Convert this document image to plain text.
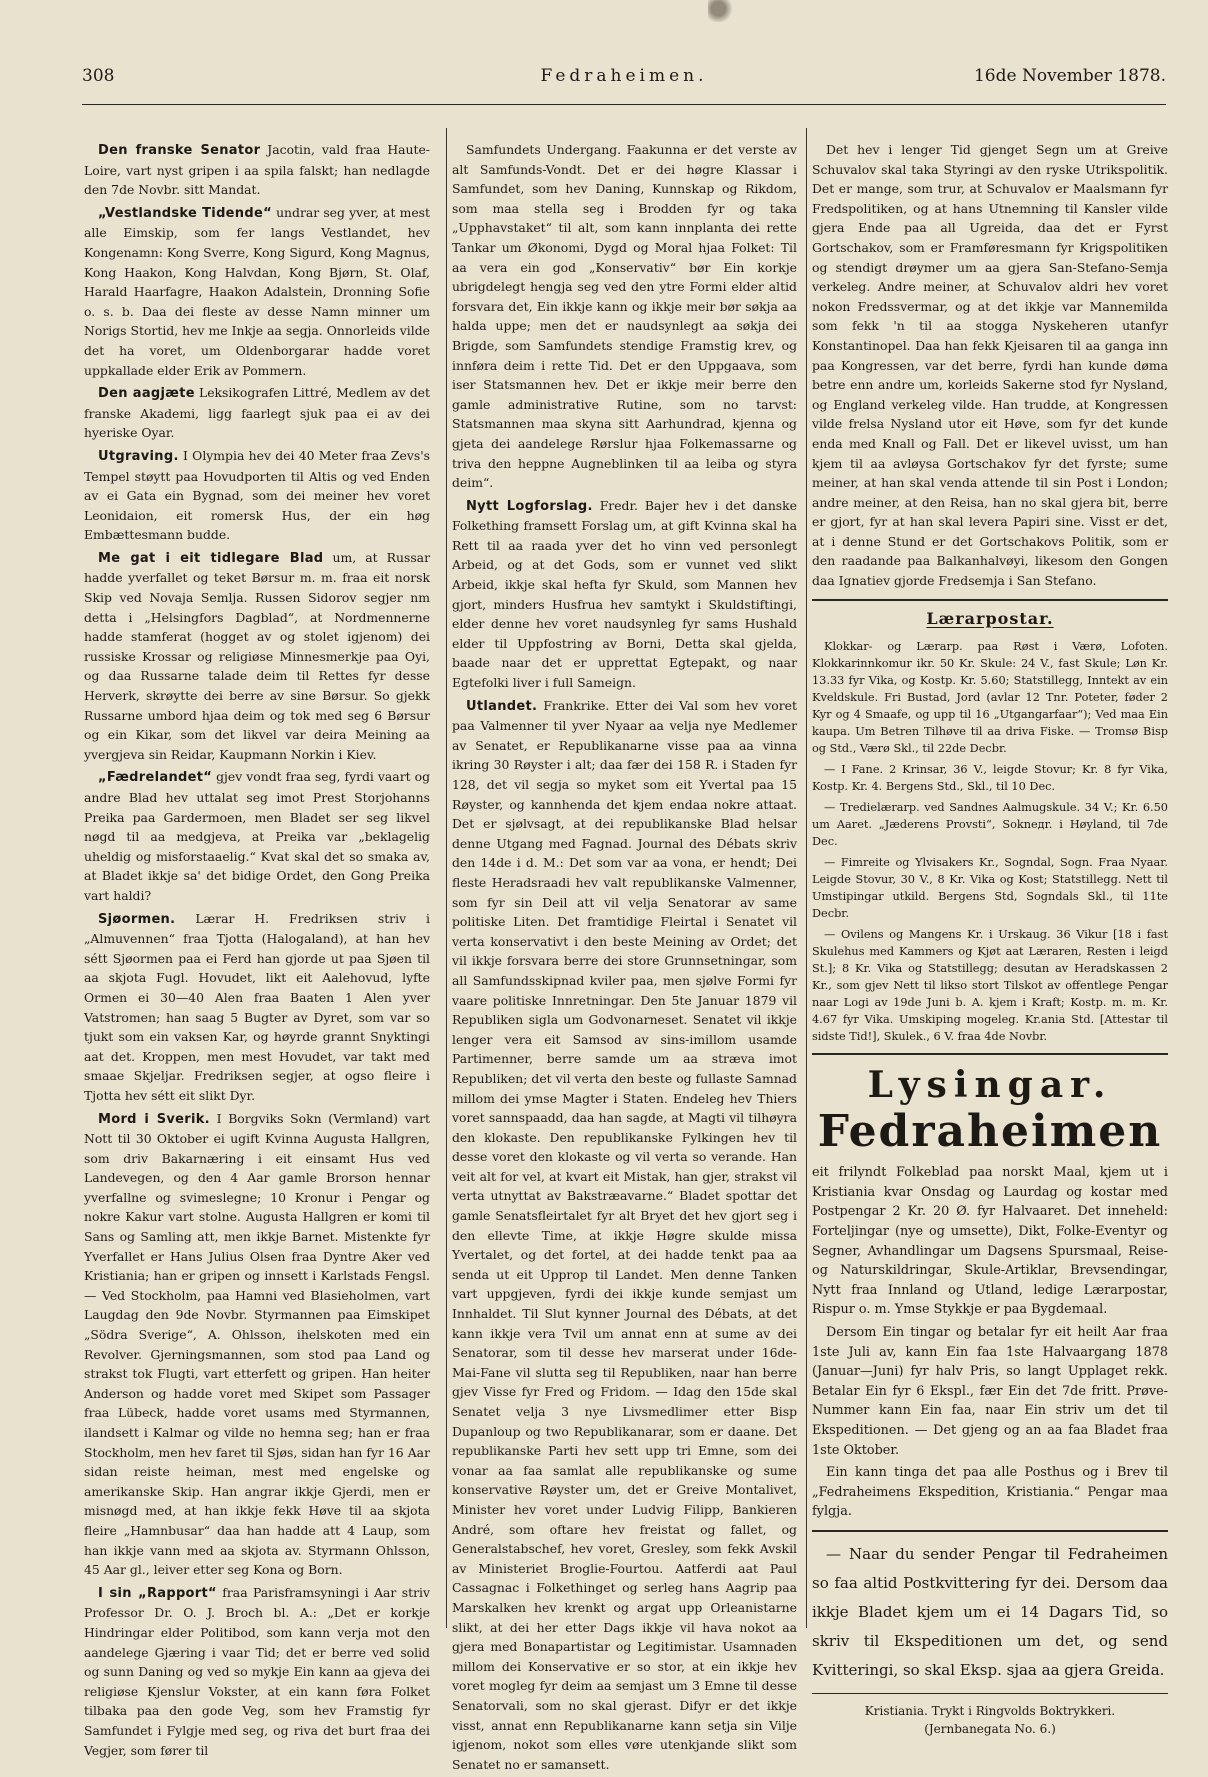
308	Fedraheimen.	16de November 1878.

Den franske Senator Jacotin, vald fraa Haute-Loire, vart nyst gripen i aa spila falskt; han nedlagde den 7de Novbr. sitt Mandat.

„Vestlandske Tidende“ undrar seg yver, at mest alle Eimskip, som fer langs Vestlandet, hev Kongenamn: Kong Sverre, Kong Sigurd, Kong Magnus, Kong Haakon, Kong Halvdan, Kong Bjørn, St. Olaf, Harald Haarfagre, Haakon Adalstein, Dronning Sofie o. s. b. Daa dei fleste av desse Namn minner um Norigs Stortid, hev me Inkje aa segja. Onnorleids vilde det ha voret, um Oldenborgarar hadde voret uppkallade elder Erik av Pommern.

Den aagjæte Leksikografen Littré, Medlem av det franske Akademi, ligg faarlegt sjuk paa ei av dei hyeriske Oyar.

Utgraving. I Olympia hev dei 40 Meter fraa Zevs's Tempel støytt paa Hovudporten til Altis og ved Enden av ei Gata ein Bygnad, som dei meiner hev voret Leonidaion, eit romersk Hus, der ein høg Embættesmann budde.

Me gat i eit tidlegare Blad um, at Russar hadde yverfallet og teket Børsur m. m. fraa eit norsk Skip ved Novaja Semlja. Russen Sidorov segjer nm detta i „Helsingfors Dagblad“, at Nordmennerne hadde stamferat (hogget av og stolet igjenom) dei russiske Krossar og religiøse Minnesmerkje paa Oyi, og daa Russarne talade deim til Rettes fyr desse Herverk, skrøytte dei berre av sine Børsur. So gjekk Russarne umbord hjaa deim og tok med seg 6 Børsur og ein Kikar, som det likvel var deira Meining aa yvergjeva sin Reidar, Kaupmann Norkin i Kiev.

„Fædrelandet“ gjev vondt fraa seg, fyrdi vaart og andre Blad hev uttalat seg imot Prest Storjohanns Preika paa Gardermoen, men Bladet ser seg likvel nøgd til aa medgjeva, at Preika var „beklagelig uheldig og misforstaaelig.“ Kvat skal det so smaka av, at Bladet ikkje sa' det bidige Ordet, den Gong Preika vart haldi?

Sjøormen. Lærar H. Fredriksen striv i „Almuvennen“ fraa Tjotta (Halogaland), at han hev sétt Sjøormen paa ei Ferd han gjorde ut paa Sjøen til aa skjota Fugl. Hovudet, likt eit Aalehovud, lyfte Ormen ei 30—40 Alen fraa Baaten 1 Alen yver Vatstromen; han saag 5 Bugter av Dyret, som var so tjukt som ein vaksen Kar, og høyrde grannt Snyktingi aat det. Kroppen, men mest Hovudet, var takt med smaae Skjeljar. Fredriksen segjer, at ogso fleire i Tjotta hev sétt eit slikt Dyr.

Mord i Sverik. I Borgviks Sokn (Vermland) vart Nott til 30 Oktober ei ugift Kvinna Augusta Hallgren, som driv Bakarnæring i eit einsamt Hus ved Landevegen, og den 4 Aar gamle Brorson hennar yverfallne og svimeslegne; 10 Kronur i Pengar og nokre Kakur vart stolne. Augusta Hallgren er komi til Sans og Samling att, men ikkje Barnet. Mistenkte fyr Yverfallet er Hans Julius Olsen fraa Dyntre Aker ved Kristiania; han er gripen og innsett i Karlstads Fengsl. — Ved Stockholm, paa Hamni ved Blasieholmen, vart Laugdag den 9de Novbr. Styrmannen paa Eimskipet „Södra Sverige“, A. Ohlsson, ihelskoten med ein Revolver. Gjerningsmannen, som stod paa Land og strakst tok Flugti, vart etterfett og gripen. Han heiter Anderson og hadde voret med Skipet som Passager fraa Lübeck, hadde voret usams med Styrmannen, ilandsett i Kalmar og vilde no hemna seg; han er fraa Stockholm, men hev faret til Sjøs, sidan han fyr 16 Aar sidan reiste heiman, mest med engelske og amerikanske Skip. Han angrar ikkje Gjerdi, men er misnøgd med, at han ikkje fekk Høve til aa skjota fleire „Hamnbusar“ daa han hadde att 4 Laup, som han ikkje vann med aa skjota av. Styrmann Ohlsson, 45 Aar gl., leiver etter seg Kona og Born.

I sin „Rapport“ fraa Parisframsyningi i Aar striv Professor Dr. O. J. Broch bl. A.: „Det er korkje Hindringar elder Politibod, som kann verja mot den aandelege Gjæring i vaar Tid; det er berre ved solid og sunn Daning og ved so mykje Ein kann aa gjeva dei religiøse Kjenslur Vokster, at ein kann føra Folket tilbaka paa den gode Veg, som hev Framstig fyr Samfundet i Fylgje med seg, og riva det burt fraa dei Vegjer, som fører til

Samfundets Undergang. Faakunna er det verste av alt Samfunds-Vondt. Det er dei høgre Klassar i Samfundet, som hev Daning, Kunnskap og Rikdom, som maa stella seg i Brodden fyr og taka „Upphavstaket“ til alt, som kann innplanta dei rette Tankar um Økonomi, Dygd og Moral hjaa Folket: Til aa vera ein god „Konservativ“ bør Ein korkje ubrigdelegt hengja seg ved den ytre Formi elder altid forsvara det, Ein ikkje kann og ikkje meir bør søkja aa halda uppe; men det er naudsynlegt aa søkja dei Brigde, som Samfundets stendige Framstig krev, og innføra deim i rette Tid. Det er den Uppgaava, som iser Statsmannen hev. Det er ikkje meir berre den gamle administrative Rutine, som no tarvst: Statsmannen maa skyna sitt Aarhundrad, kjenna og gjeta dei aandelege Rørslur hjaa Folkemassarne og triva den heppne Augneblinken til aa leiba og styra deim“.

Nytt Logforslag. Fredr. Bajer hev i det danske Folkething framsett Forslag um, at gift Kvinna skal ha Rett til aa raada yver det ho vinn ved personlegt Arbeid, og at det Gods, som er vunnet ved slikt Arbeid, ikkje skal hefta fyr Skuld, som Mannen hev gjort, minders Husfrua hev samtykt i Skuldstiftingi, elder denne hev voret naudsynleg fyr sams Hushald elder til Uppfostring av Borni, Detta skal gjelda, baade naar det er upprettat Egtepakt, og naar Egtefolki liver i full Sameign.

Utlandet. Frankrike. Etter dei Val som hev voret paa Valmenner til yver Nyaar aa velja nye Medlemer av Senatet, er Republikanarne visse paa aa vinna ikring 30 Røyster i alt; daa fær dei 158 R. i Staden fyr 128, det vil segja so myket som eit Yvertal paa 15 Røyster, og kannhenda det kjem endaa nokre attaat. Det er sjølvsagt, at dei republikanske Blad helsar denne Utgang med Fagnad. Journal des Débats skriv den 14de i d. M.: Det som var aa vona, er hendt; Dei fleste Heradsraadi hev valt republikanske Valmenner, som fyr sin Deil att vil velja Senatorar av same politiske Liten. Det framtidige Fleirtal i Senatet vil verta konservativt i den beste Meining av Ordet; det vil ikkje forsvara berre dei store Grunnsetningar, som all Samfundsskipnad kviler paa, men sjølve Formi fyr vaare politiske Innretningar. Den 5te Januar 1879 vil Republiken sigla um Godvonarneset. Senatet vil ikkje lenger vera eit Samsod av sins-imillom usamde Partimenner, berre samde um aa stræva imot Republiken; det vil verta den beste og fullaste Samnad millom dei ymse Magter i Staten. Endeleg hev Thiers voret sannspaadd, daa han sagde, at Magti vil tilhøyra den klokaste. Den republikanske Fylkingen hev til desse voret den klokaste og vil verta so verande. Han veit alt for vel, at kvart eit Mistak, han gjer, strakst vil verta utnyttat av Bakstræavarne.“ Bladet spottar det gamle Senatsfleirtalet fyr alt Bryet det hev gjort seg i den ellevte Time, at ikkje Høgre skulde missa Yvertalet, og det fortel, at dei hadde tenkt paa aa senda ut eit Upprop til Landet. Men denne Tanken vart uppgjeven, fyrdi dei ikkje kunde semjast um Innhaldet. Til Slut kynner Journal des Débats, at det kann ikkje vera Tvil um annat enn at sume av dei Senatorar, som til desse hev marserat under 16de-Mai-Fane vil slutta seg til Republiken, naar han berre gjev Visse fyr Fred og Fridom. — Idag den 15de skal Senatet velja 3 nye Livsmedlimer etter Bisp Dupanloup og two Republikanarar, som er daane. Det republikanske Parti hev sett upp tri Emne, som dei vonar aa faa samlat alle republikanske og sume konservative Røyster um, det er Greive Montalivet, Minister hev voret under Ludvig Filipp, Bankieren André, som oftare hev freistat og fallet, og Generalstabschef, hev voret, Gresley, som fekk Avskil av Ministeriet Broglie-Fourtou. Aatferdi aat Paul Cassagnac i Folkethinget og serleg hans Aagrip paa Marskalken hev krenkt og argat upp Orleanistarne slikt, at dei her etter Dags ikkje vil hava nokot aa gjera med Bonapartistar og Legitimistar. Usamnaden millom dei Konservative er so stor, at ein ikkje hev voret mogleg fyr deim aa semjast um 3 Emne til desse Senatorvali, som no skal gjerast. Difyr er det ikkje visst, annat enn Republikanarne kann setja sin Vilje igjenom, nokot som elles vøre utenkjande slikt som Senatet no er samansett.

Det hev i lenger Tid gjenget Segn um at Greive Schuvalov skal taka Styringi av den ryske Utrikspolitik. Det er mange, som trur, at Schuvalov er Maalsmann fyr Fredspolitiken, og at hans Utnemning til Kansler vilde gjera Ende paa all Ugreida, daa det er Fyrst Gortschakov, som er Framføresmann fyr Krigspolitiken og stendigt drøymer um aa gjera San-Stefano-Semja verkeleg. Andre meiner, at Schuvalov aldri hev voret nokon Fredssvermar, og at det ikkje var Mannemilda som fekk 'n til aa stogga Nyskeheren utanfyr Konstantinopel. Daa han fekk Kjeisaren til aa ganga inn paa Kongressen, var det berre, fyrdi han kunde døma betre enn andre um, korleids Sakerne stod fyr Nysland, og England verkeleg vilde. Han trudde, at Kongressen vilde frelsa Nysland utor eit Høve, som fyr det kunde enda med Knall og Fall. Det er likevel uvisst, um han kjem til aa avløysa Gortschakov fyr det fyrste; sume meiner, at han skal venda attende til sin Post i London; andre meiner, at den Reisa, han no skal gjera bit, berre er gjort, fyr at han skal levera Papiri sine. Visst er det, at i denne Stund er det Gortschakovs Politik, som er den raadande paa Balkanhalvøyi, likesom den Gongen daa Ignatiev gjorde Fredsemja i San Stefano.

Lærarpostar.

Klokkar- og Lærarp. paa Røst i Værø, Lofoten. Klokkarinnkomur ikr. 50 Kr. Skule: 24 V., fast Skule; Løn Kr. 13.33 fyr Vika, og Kostp. Kr. 5.60; Statstillegg, Inntekt av ein Kveldskule. Fri Bustad, Jord (avlar 12 Tnr. Poteter, føder 2 Kyr og 4 Smaafe, og upp til 16 „Utgangarfaar“); Ved maa Ein kaupa. Um Betren Tilhøve til aa driva Fiske. — Tromsø Bisp og Std., Værø Skl., til 22de Decbr.

— I Fane. 2 Krinsar, 36 V., leigde Stovur; Kr. 8 fyr Vika, Kostp. Kr. 4. Bergens Std., Skl., til 10 Dec.

— Tredielærarp. ved Sandnes Aalmugskule. 34 V.; Kr. 6.50 um Aaret. „Jæderens Provsti“, Sokneдr. i Høyland, til 7de Dec.

— Fimreite og Ylvisakers Kr., Sogndal, Sogn. Fraa Nyaar. Leigde Stovur, 30 V., 8 Kr. Vika og Kost; Statstillegg. Nett til Umstipingar utkild. Bergens Std, Sogndals Skl., til 11te Decbr.

— Ovilens og Mangens Kr. i Urskaug. 36 Vikur [18 i fast Skulehus med Kammers og Kjøt aat Læraren, Resten i leigd St.]; 8 Kr. Vika og Statstillegg; desutan av Heradskassen 2 Kr., som gjev Nett til likso stort Tilskot av offentlege Pengar naar Logi av 19de Juni b. A. kjem i Kraft; Kostp. m. m. Kr. 4.67 fyr Vika. Umskiping mogeleg. Kr.ania Std. [Attestar til sidste Tid!], Skulek., 6 V. fraa 4de Novbr.

Lysingar.
Fedraheimen

eit frilyndt Folkeblad paa norskt Maal, kjem ut i Kristiania kvar Onsdag og Laurdag og kostar med Postpengar 2 Kr. 20 Ø. fyr Halvaaret. Det inneheld: Forteljingar (nye og umsette), Dikt, Folke-Eventyr og Segner, Avhandlingar um Dagsens Spursmaal, Reise- og Naturskildringar, Skule-Artiklar, Brevsendingar, Nytt fraa Innland og Utland, ledige Lærarpostar, Rispur o. m. Ymse Stykkje er paa Bygdemaal.

Dersom Ein tingar og betalar fyr eit heilt Aar fraa 1ste Juli av, kann Ein faa 1ste Halvaargang 1878 (Januar—Juni) fyr halv Pris, so langt Upplaget rekk. Betalar Ein fyr 6 Ekspl., fær Ein det 7de fritt. Prøve-Nummer kann Ein faa, naar Ein striv um det til Ekspeditionen. — Det gjeng og an aa faa Bladet fraa 1ste Oktober.

Ein kann tinga det paa alle Posthus og i Brev til „Fedraheimens Ekspedition, Kristiania.“ Pengar maa fylgja.

— Naar du sender Pengar til Fedraheimen so faa altid Postkvittering fyr dei. Dersom daa ikkje Bladet kjem um ei 14 Dagars Tid, so skriv til Ekspeditionen um det, og send Kvitteringi, so skal Eksp. sjaa aa gjera Greida.

Kristiania. Trykt i Ringvolds Boktrykkeri.
(Jernbanegata No. 6.)
